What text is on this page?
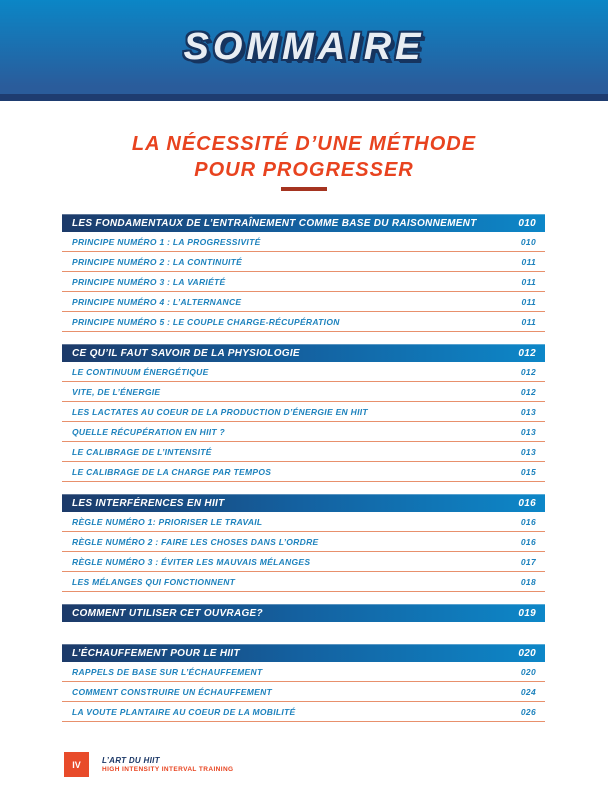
SOMMAIRE
LA NÉCESSITÉ D’UNE MÉTHODE
POUR PROGRESSER
LES FONDAMENTAUX DE L’ENTRAÎNEMENT COMME BASE DU RAISONNEMENT	010
PRINCIPE NUMÉRO 1 : LA PROGRESSIVITÉ	010
PRINCIPE NUMÉRO 2 : LA CONTINUITÉ	011
PRINCIPE NUMÉRO 3 : LA VARIÉTÉ	011
PRINCIPE NUMÉRO 4 : L’ALTERNANCE	011
PRINCIPE NUMÉRO 5 : LE COUPLE CHARGE-RÉCUPÉRATION	011
CE QU’IL FAUT SAVOIR DE LA PHYSIOLOGIE	012
LE CONTINUUM ÉNERGÉTIQUE	012
VITE, DE L’ÉNERGIE	012
LES LACTATES AU COEUR DE LA PRODUCTION D’ÉNERGIE EN HIIT	013
QUELLE RÉCUPÉRATION EN HIIT ?	013
LE CALIBRAGE DE L’INTENSITÉ	013
LE CALIBRAGE DE LA CHARGE PAR TEMPOS	015
LES INTERFÉRENCES EN HIIT	016
RÈGLE NUMÉRO 1: PRIORISER LE TRAVAIL	016
RÈGLE NUMÉRO 2 : FAIRE LES CHOSES DANS L’ORDRE	016
RÈGLE NUMÉRO 3 : ÉVITER LES MAUVAIS MÉLANGES	017
LES MÉLANGES QUI FONCTIONNENT	018
COMMENT UTILISER CET OUVRAGE?	019
L’ÉCHAUFFEMENT POUR LE HIIT	020
RAPPELS DE BASE SUR L’ÉCHAUFFEMENT	020
COMMENT CONSTRUIRE UN ÉCHAUFFEMENT	024
LA VOUTE PLANTAIRE AU COEUR DE LA MOBILITÉ	026
IV	L’ART DU HIIT
HIGH INTENSITY INTERVAL TRAINING
